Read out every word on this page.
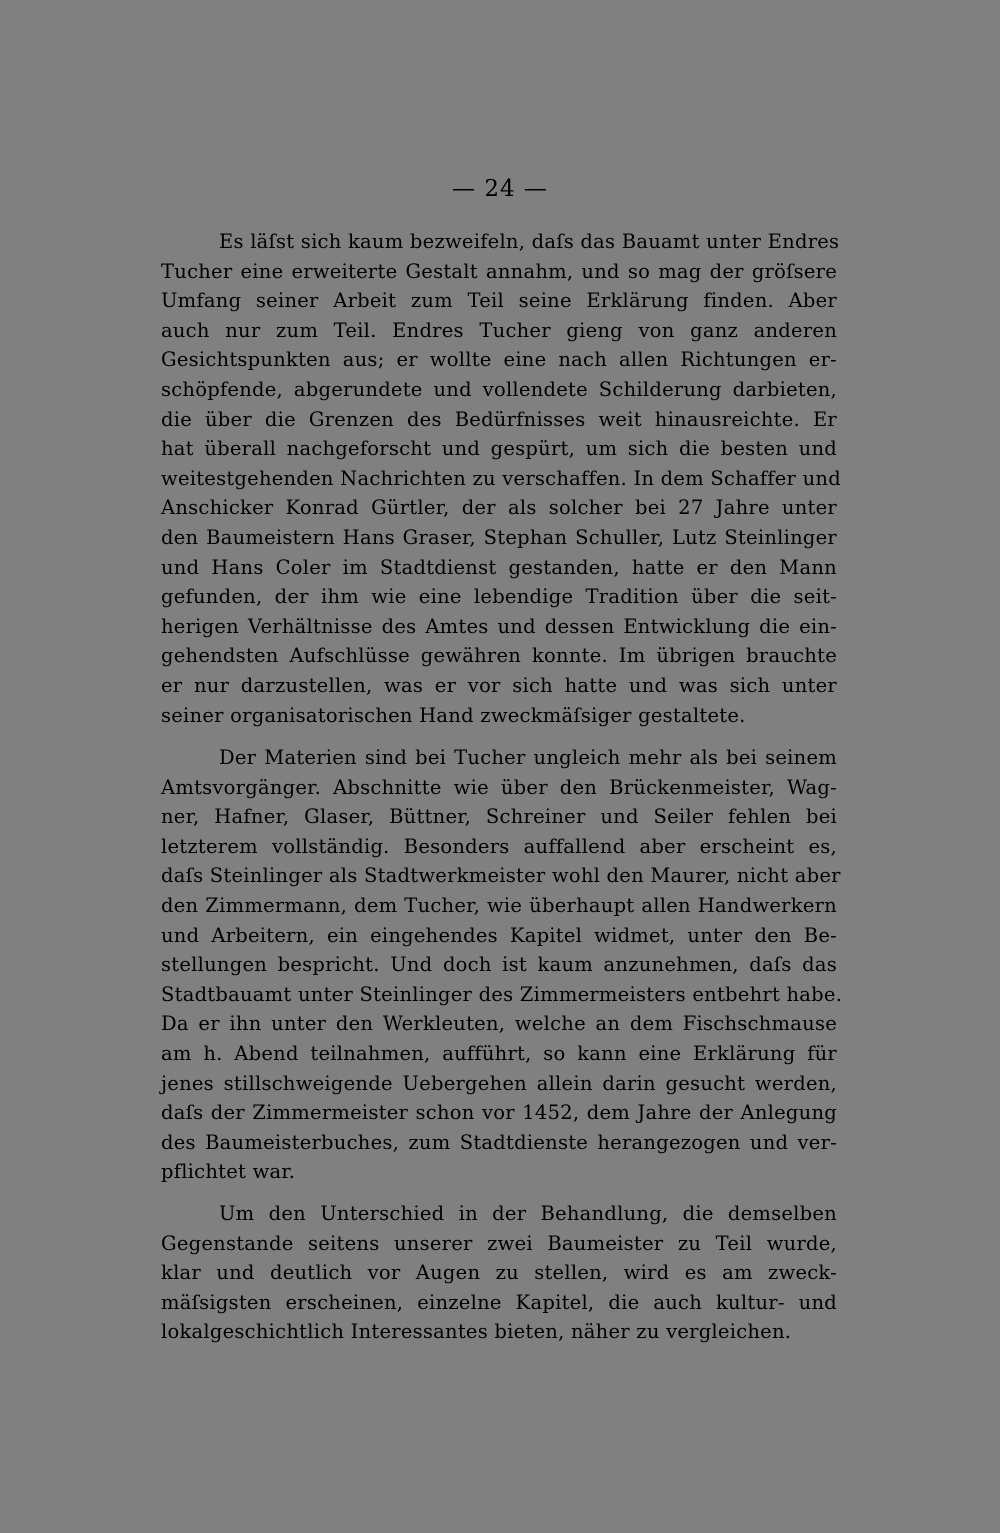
— 24 —
Es läſst sich kaum bezweifeln, daſs das Bauamt unter Endres
Tucher eine erweiterte Gestalt annahm, und so mag der gröſsere
Umfang seiner Arbeit zum Teil seine Erklärung finden. Aber
auch nur zum Teil. Endres Tucher gieng von ganz anderen
Gesichtspunkten aus; er wollte eine nach allen Richtungen er-
schöpfende, abgerundete und vollendete Schilderung darbieten,
die über die Grenzen des Bedürfnisses weit hinausreichte. Er
hat überall nachgeforscht und gespürt, um sich die besten und
weitestgehenden Nachrichten zu verschaffen. In dem Schaffer und
Anschicker Konrad Gürtler, der als solcher bei 27 Jahre unter
den Baumeistern Hans Graser, Stephan Schuller, Lutz Steinlinger
und Hans Coler im Stadtdienst gestanden, hatte er den Mann
gefunden, der ihm wie eine lebendige Tradition über die seit-
herigen Verhältnisse des Amtes und dessen Entwicklung die ein-
gehendsten Aufschlüsse gewähren konnte. Im übrigen brauchte
er nur darzustellen, was er vor sich hatte und was sich unter
seiner organisatorischen Hand zweckmäſsiger gestaltete.
Der Materien sind bei Tucher ungleich mehr als bei seinem
Amtsvorgänger. Abschnitte wie über den Brückenmeister, Wag-
ner, Hafner, Glaser, Büttner, Schreiner und Seiler fehlen bei
letzterem vollständig. Besonders auffallend aber erscheint es,
daſs Steinlinger als Stadtwerkmeister wohl den Maurer, nicht aber
den Zimmermann, dem Tucher, wie überhaupt allen Handwerkern
und Arbeitern, ein eingehendes Kapitel widmet, unter den Be-
stellungen bespricht. Und doch ist kaum anzunehmen, daſs das
Stadtbauamt unter Steinlinger des Zimmermeisters entbehrt habe.
Da er ihn unter den Werkleuten, welche an dem Fischschmause
am h. Abend teilnahmen, aufführt, so kann eine Erklärung für
jenes stillschweigende Uebergehen allein darin gesucht werden,
daſs der Zimmermeister schon vor 1452, dem Jahre der Anlegung
des Baumeisterbuches, zum Stadtdienste herangezogen und ver-
pflichtet war.
Um den Unterschied in der Behandlung, die demselben
Gegenstande seitens unserer zwei Baumeister zu Teil wurde,
klar und deutlich vor Augen zu stellen, wird es am zweck-
mäſsigsten erscheinen, einzelne Kapitel, die auch kultur- und
lokalgeschichtlich Interessantes bieten, näher zu vergleichen.
